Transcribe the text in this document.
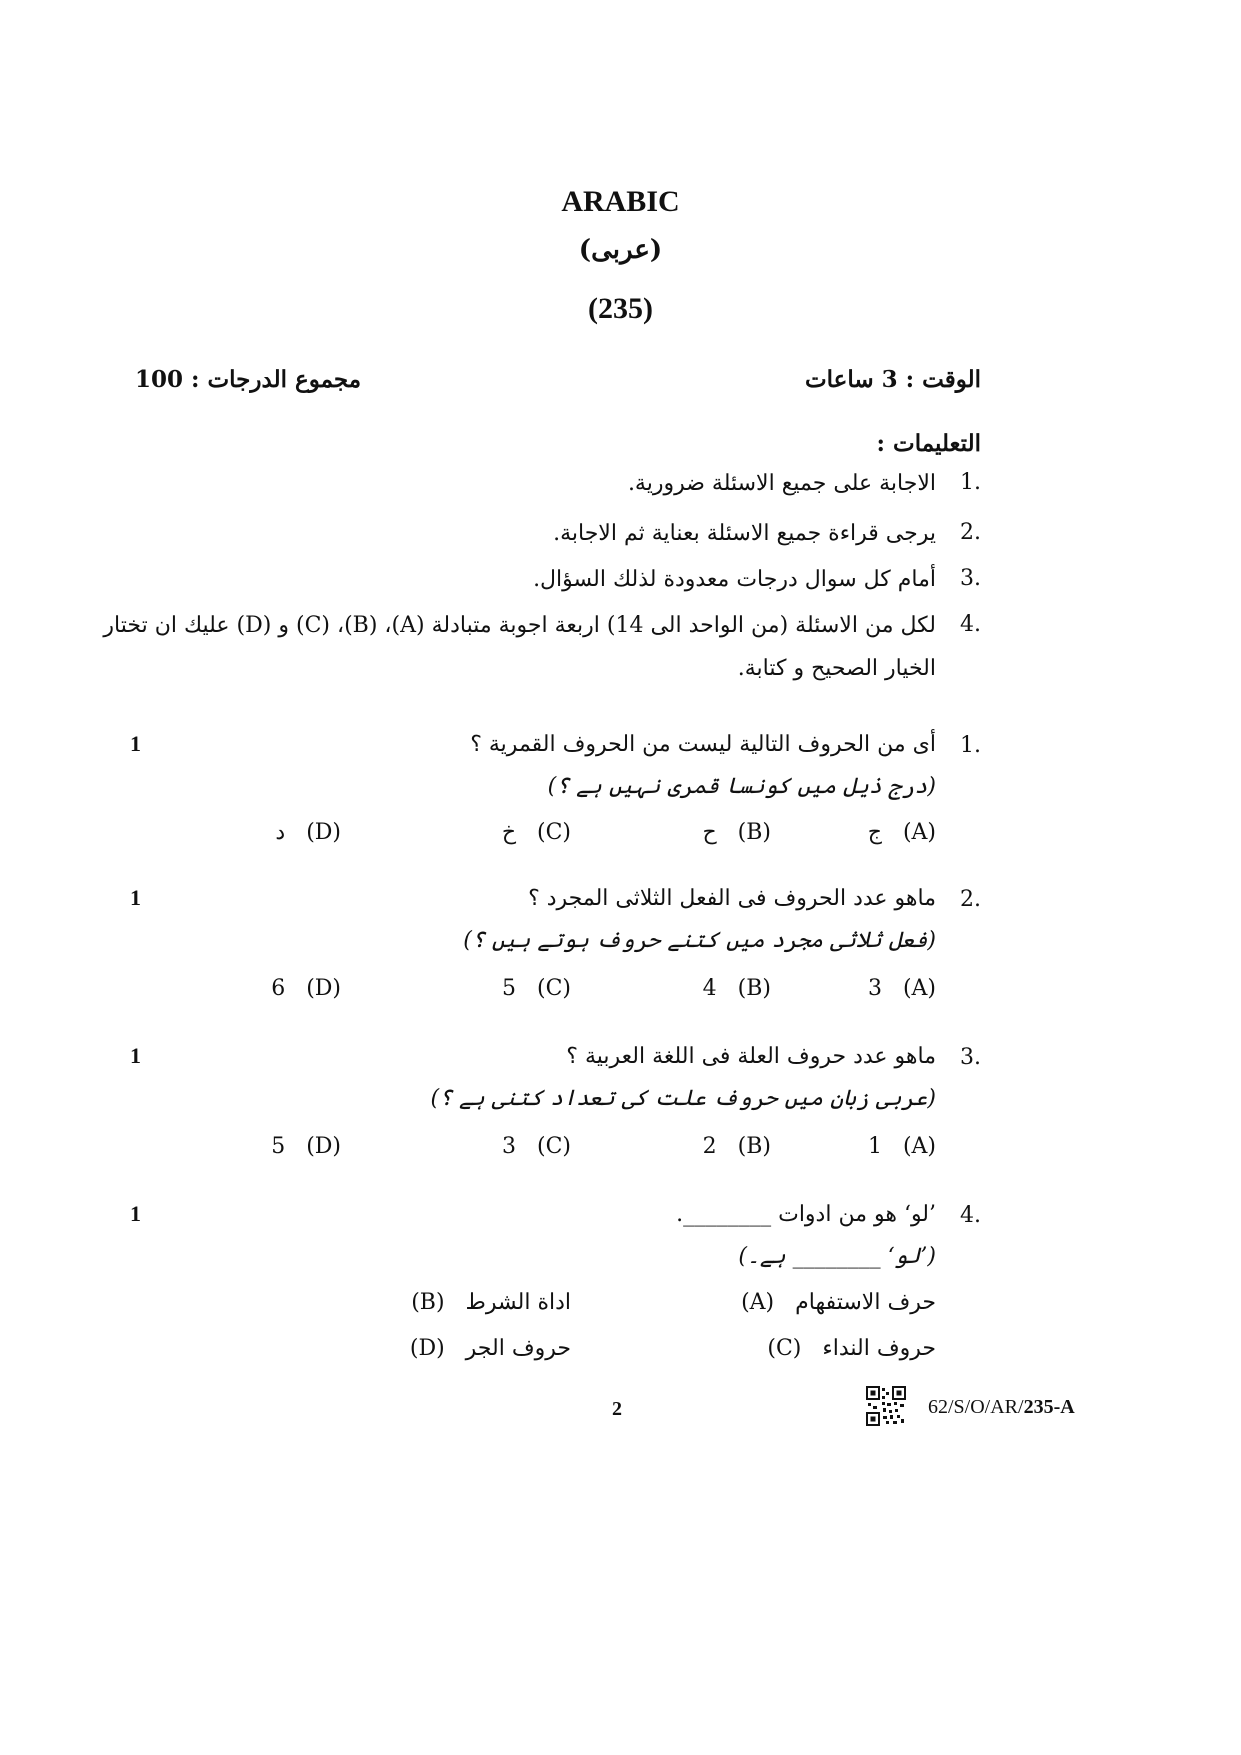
ARABIC
(عربی)
(235)
الوقت : 3 ساعات
مجموع الدرجات : 100
التعليمات :
1.
الاجابة علی جميع الاسئلة ضرورية.
2.
يرجی قراءة جميع الاسئلة بعناية ثم الاجابة.
3.
أمام کل سوال درجات معدودة لذلك السؤال.
4.
لکل من الاسئلة (من الواحد الی 14) اربعة اجوبة متبادلة (A)، (B)، (C) و (D) عليك ان تختار
الخيار الصحيح و کتابة.
1.
أی من الحروف التالية ليست من الحروف القمرية ؟
(درج ذيل ميں کونسا قمری نہيں ہے ؟)
1
ج (A)
ح (B)
خ (C)
د (D)
2.
ماهو عدد الحروف فی الفعل الثلاثی المجرد ؟
(فعل ثلاثی مجرد ميں کتنے حروف ہوتے ہيں ؟)
1
3 (A)
4 (B)
5 (C)
6 (D)
3.
ماهو عدد حروف العلة فی اللغة العربية ؟
(عربی زبان ميں حروف علت کی تعداد کتنی ہے ؟)
1
1 (A)
2 (B)
3 (C)
5 (D)
4.
’لو‘ هو من ادوات ________.
(’لو‘ ________ ہے۔)
1
(A) حرف الاستفهام
(B) اداة الشرط
(C) حروف النداء
(D) حروف الجر
2	62/S/O/AR/235-A
